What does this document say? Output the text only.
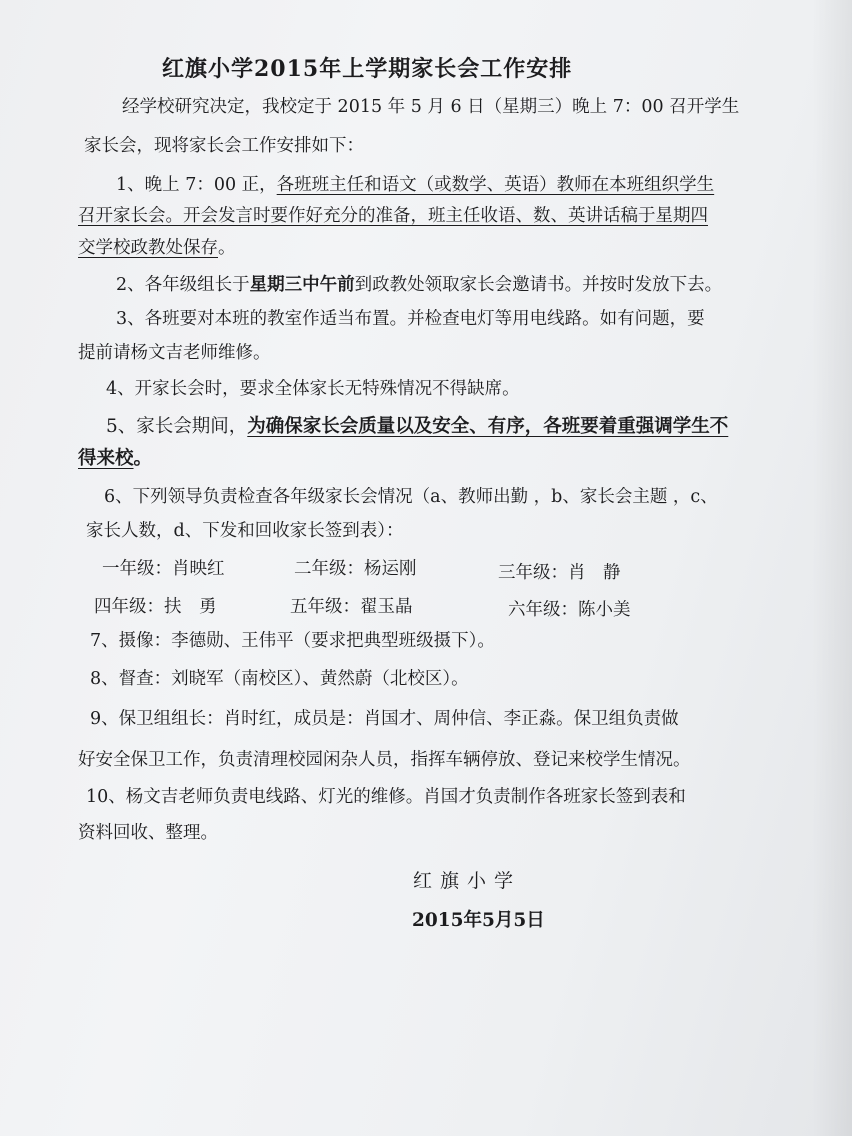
红旗小学2015年上学期家长会工作安排

经学校研究决定，我校定于 2015 年 5 月 6 日（星期三）晚上 7：00 召开学生

家长会，现将家长会工作安排如下：

1、晚上 7：00 正，各班班主任和语文（或数学、英语）教师在本班组织学生

召开家长会。开会发言时要作好充分的准备，班主任收语、数、英讲话稿于星期四

交学校政教处保存。

2、各年级组长于星期三中午前到政教处领取家长会邀请书。并按时发放下去。

3、各班要对本班的教室作适当布置。并检查电灯等用电线路。如有问题，要

提前请杨文吉老师维修。

4、开家长会时，要求全体家长无特殊情况不得缺席。

5、家长会期间，为确保家长会质量以及安全、有序，各班要着重强调学生不

得来校。

6、下列领导负责检查各年级家长会情况（a、教师出勤 ，b、家长会主题 ，c、

家长人数，d、下发和回收家长签到表）：

一年级：肖映红	二年级：杨运刚	三年级：肖　静
四年级：扶　勇	五年级：翟玉晶	六年级：陈小美

7、摄像：李德勋、王伟平（要求把典型班级摄下）。

8、督查：刘晓军（南校区）、黄然蔚（北校区）。

9、保卫组组长：肖时红，成员是：肖国才、周仲信、李正淼。保卫组负责做

好安全保卫工作，负责清理校园闲杂人员，指挥车辆停放、登记来校学生情况。

10、杨文吉老师负责电线路、灯光的维修。肖国才负责制作各班家长签到表和

资料回收、整理。

红旗小学
2015年5月5日
